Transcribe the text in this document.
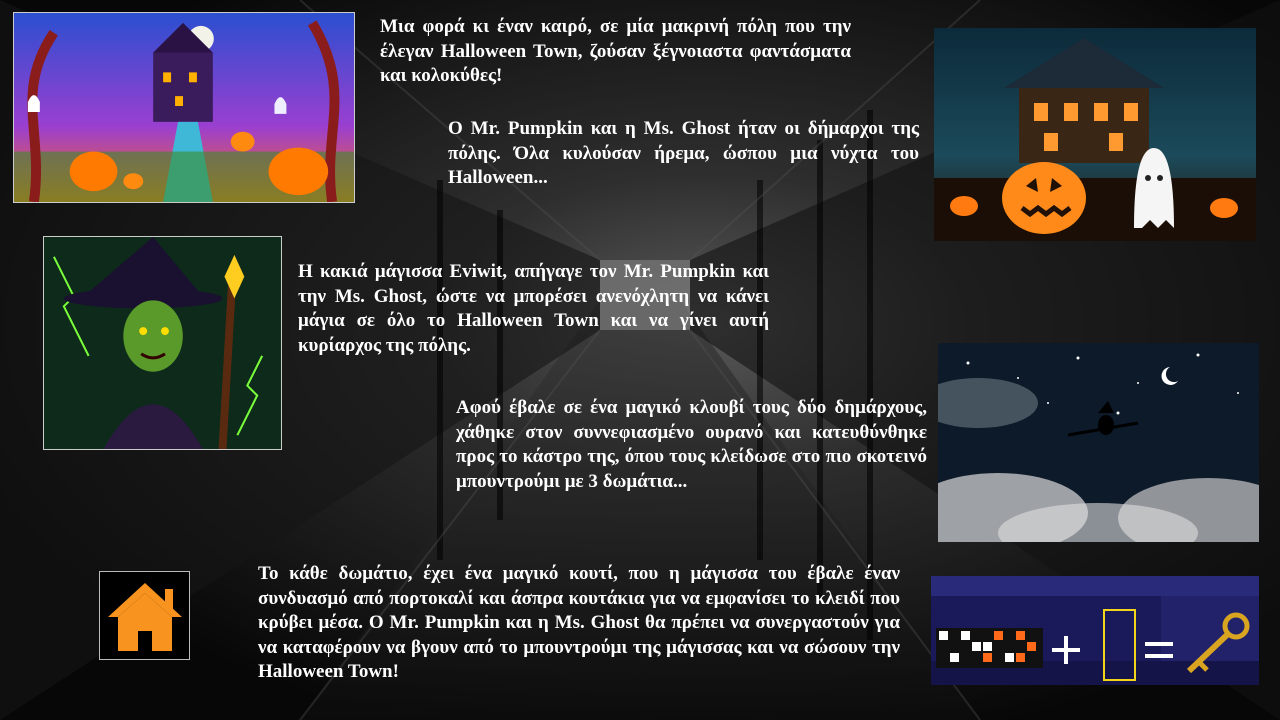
Μια φορά κι έναν καιρό, σε μία μακρινή πόλη που την έλεγαν Halloween Town, ζούσαν ξέγνοιαστα φαντάσματα και κολοκύθες!

Ο Mr. Pumpkin και η Ms. Ghost ήταν οι δήμαρχοι της πόλης. Όλα κυλούσαν ήρεμα, ώσπου μια νύχτα του Halloween...

Η κακιά μάγισσα Eviwit, απήγαγε τον Mr. Pumpkin και την Ms. Ghost, ώστε να μπορέσει ανενόχλητη να κάνει μάγια σε όλο το Halloween Town και να γίνει αυτή κυρίαρχος της πόλης.

Αφού έβαλε σε ένα μαγικό κλουβί τους δύο δημάρχους, χάθηκε στον συννεφιασμένο ουρανό και κατευθύνθηκε προς το κάστρο της, όπου τους κλείδωσε στο πιο σκοτεινό μπουντρούμι με 3 δωμάτια...

Το κάθε δωμάτιο, έχει ένα μαγικό κουτί, που η μάγισσα του έβαλε έναν συνδυασμό από πορτοκαλί και άσπρα κουτάκια για να εμφανίσει το κλειδί που κρύβει μέσα. Ο Mr. Pumpkin και η Ms. Ghost θα πρέπει να συνεργαστούν για να καταφέρουν να βγουν από το μπουντρούμι της μάγισσας και να σώσουν την Halloween Town!
